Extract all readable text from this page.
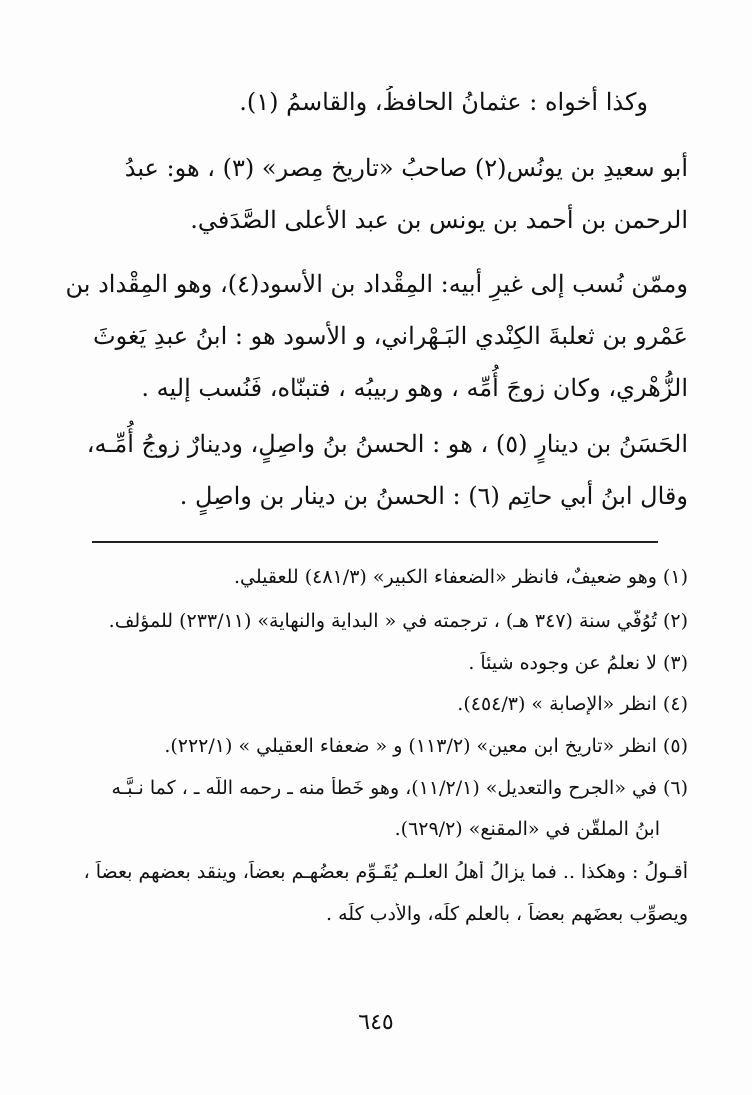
وكذا أخواه : عثمانُ الحافظُ، والقاسمُ (١).
أبو سعيدِ بن يونُس(٢) صاحبُ «تاريخ مِصر» (٣) ، هو: عبدُ
الرحمن بن أحمد بن يونس بن عبد الأعلى الصَّدَفي.
وممّن نُسب إلى غيرِ أبيه: المِقْداد بن الأسود(٤)، وهو المِقْداد بن
عَمْرو بن ثعلبةَ الكِنْدي البَـهْراني، و الأسود هو : ابنُ عبدِ يَغوثَ
الزُّهْري، وكان زوجَ أُمِّه ، وهو ربيبُه ، فتبنّاه، فَنُسب إليه .
الحَسَنُ بن دينارٍ (٥) ، هو : الحسنُ بنُ واصِلٍ، ودينارٌ زوجُ أُمِّـه،
وقال ابنُ أبي حاتِم (٦) : الحسنُ بن دينار بن واصِلٍ .
(١) وهو ضعيفٌ، فانظر «الضعفاء الكبير» (٤٨١/٣) للعقيلي.
(٢) تُوُفّي سنة (٣٤٧ هـ) ، ترجمته في « البداية والنهاية» (٢٣٣/١١) للمؤلف.
(٣) لا نعلمُ عن وجوده شيئاً .
(٤) انظر «الإصابة » (٤٥٤/٣).
(٥) انظر «تاريخ ابن معين» (١١٣/٢) و « ضعفاء العقيلي » (٢٢٢/١).
(٦) في «الجرح والتعديل» (١١/٢/١)، وهو خَطأٌ منه ـ رحمه اللّه ـ ، كما نـبَّـه
ابنُ الملقّن في «المقنع» (٦٢٩/٢).
أقـولُ : وهكذا .. فما يزالُ أهلُ العلـم يُقَـوِّم بعضُهـم بعضاً، وينقد بعضهم بعضاً ،
ويصوِّب بعضَهم بعضاً ، بالعلمِ كلِّه، والأدب كلِّه .
٦٤٥
